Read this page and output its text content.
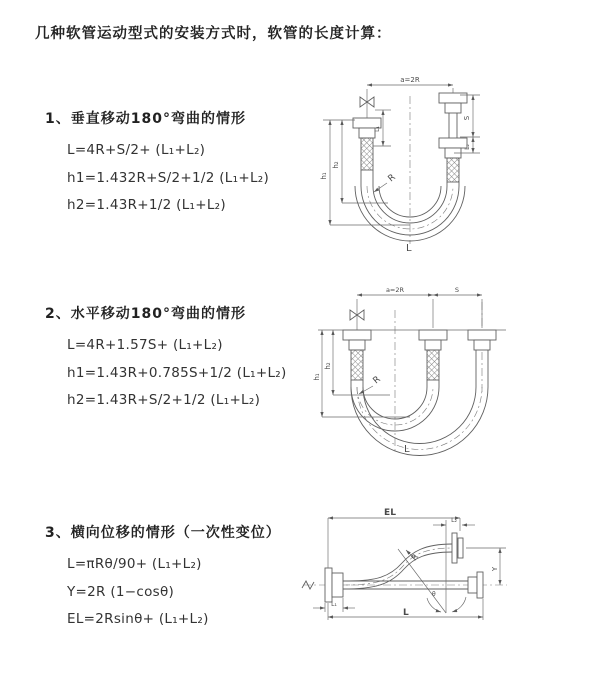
几种软管运动型式的安装方式时，软管的长度计算：
1、垂直移动180°弯曲的情形
L=4R+S/2+ (L₁+L₂)
h1=1.432R+S/2+1/2 (L₁+L₂)
h2=1.43R+1/2 (L₁+L₂)
2、水平移动180°弯曲的情形
L=4R+1.57S+ (L₁+L₂)
h1=1.43R+0.785S+1/2 (L₁+L₂)
h2=1.43R+S/2+1/2 (L₁+L₂)
3、横向位移的情形（一次性变位）
L=πRθ/90+ (L₁+L₂)
Y=2R (1−cosθ)
EL=2Rsinθ+ (L₁+L₂)
a=2R
S
L₂
L₁
h₁
h₂
R
L
a=2R	S
h₁
h₂
R
L
EL
L₂
Y
R
θ
L₁
L
